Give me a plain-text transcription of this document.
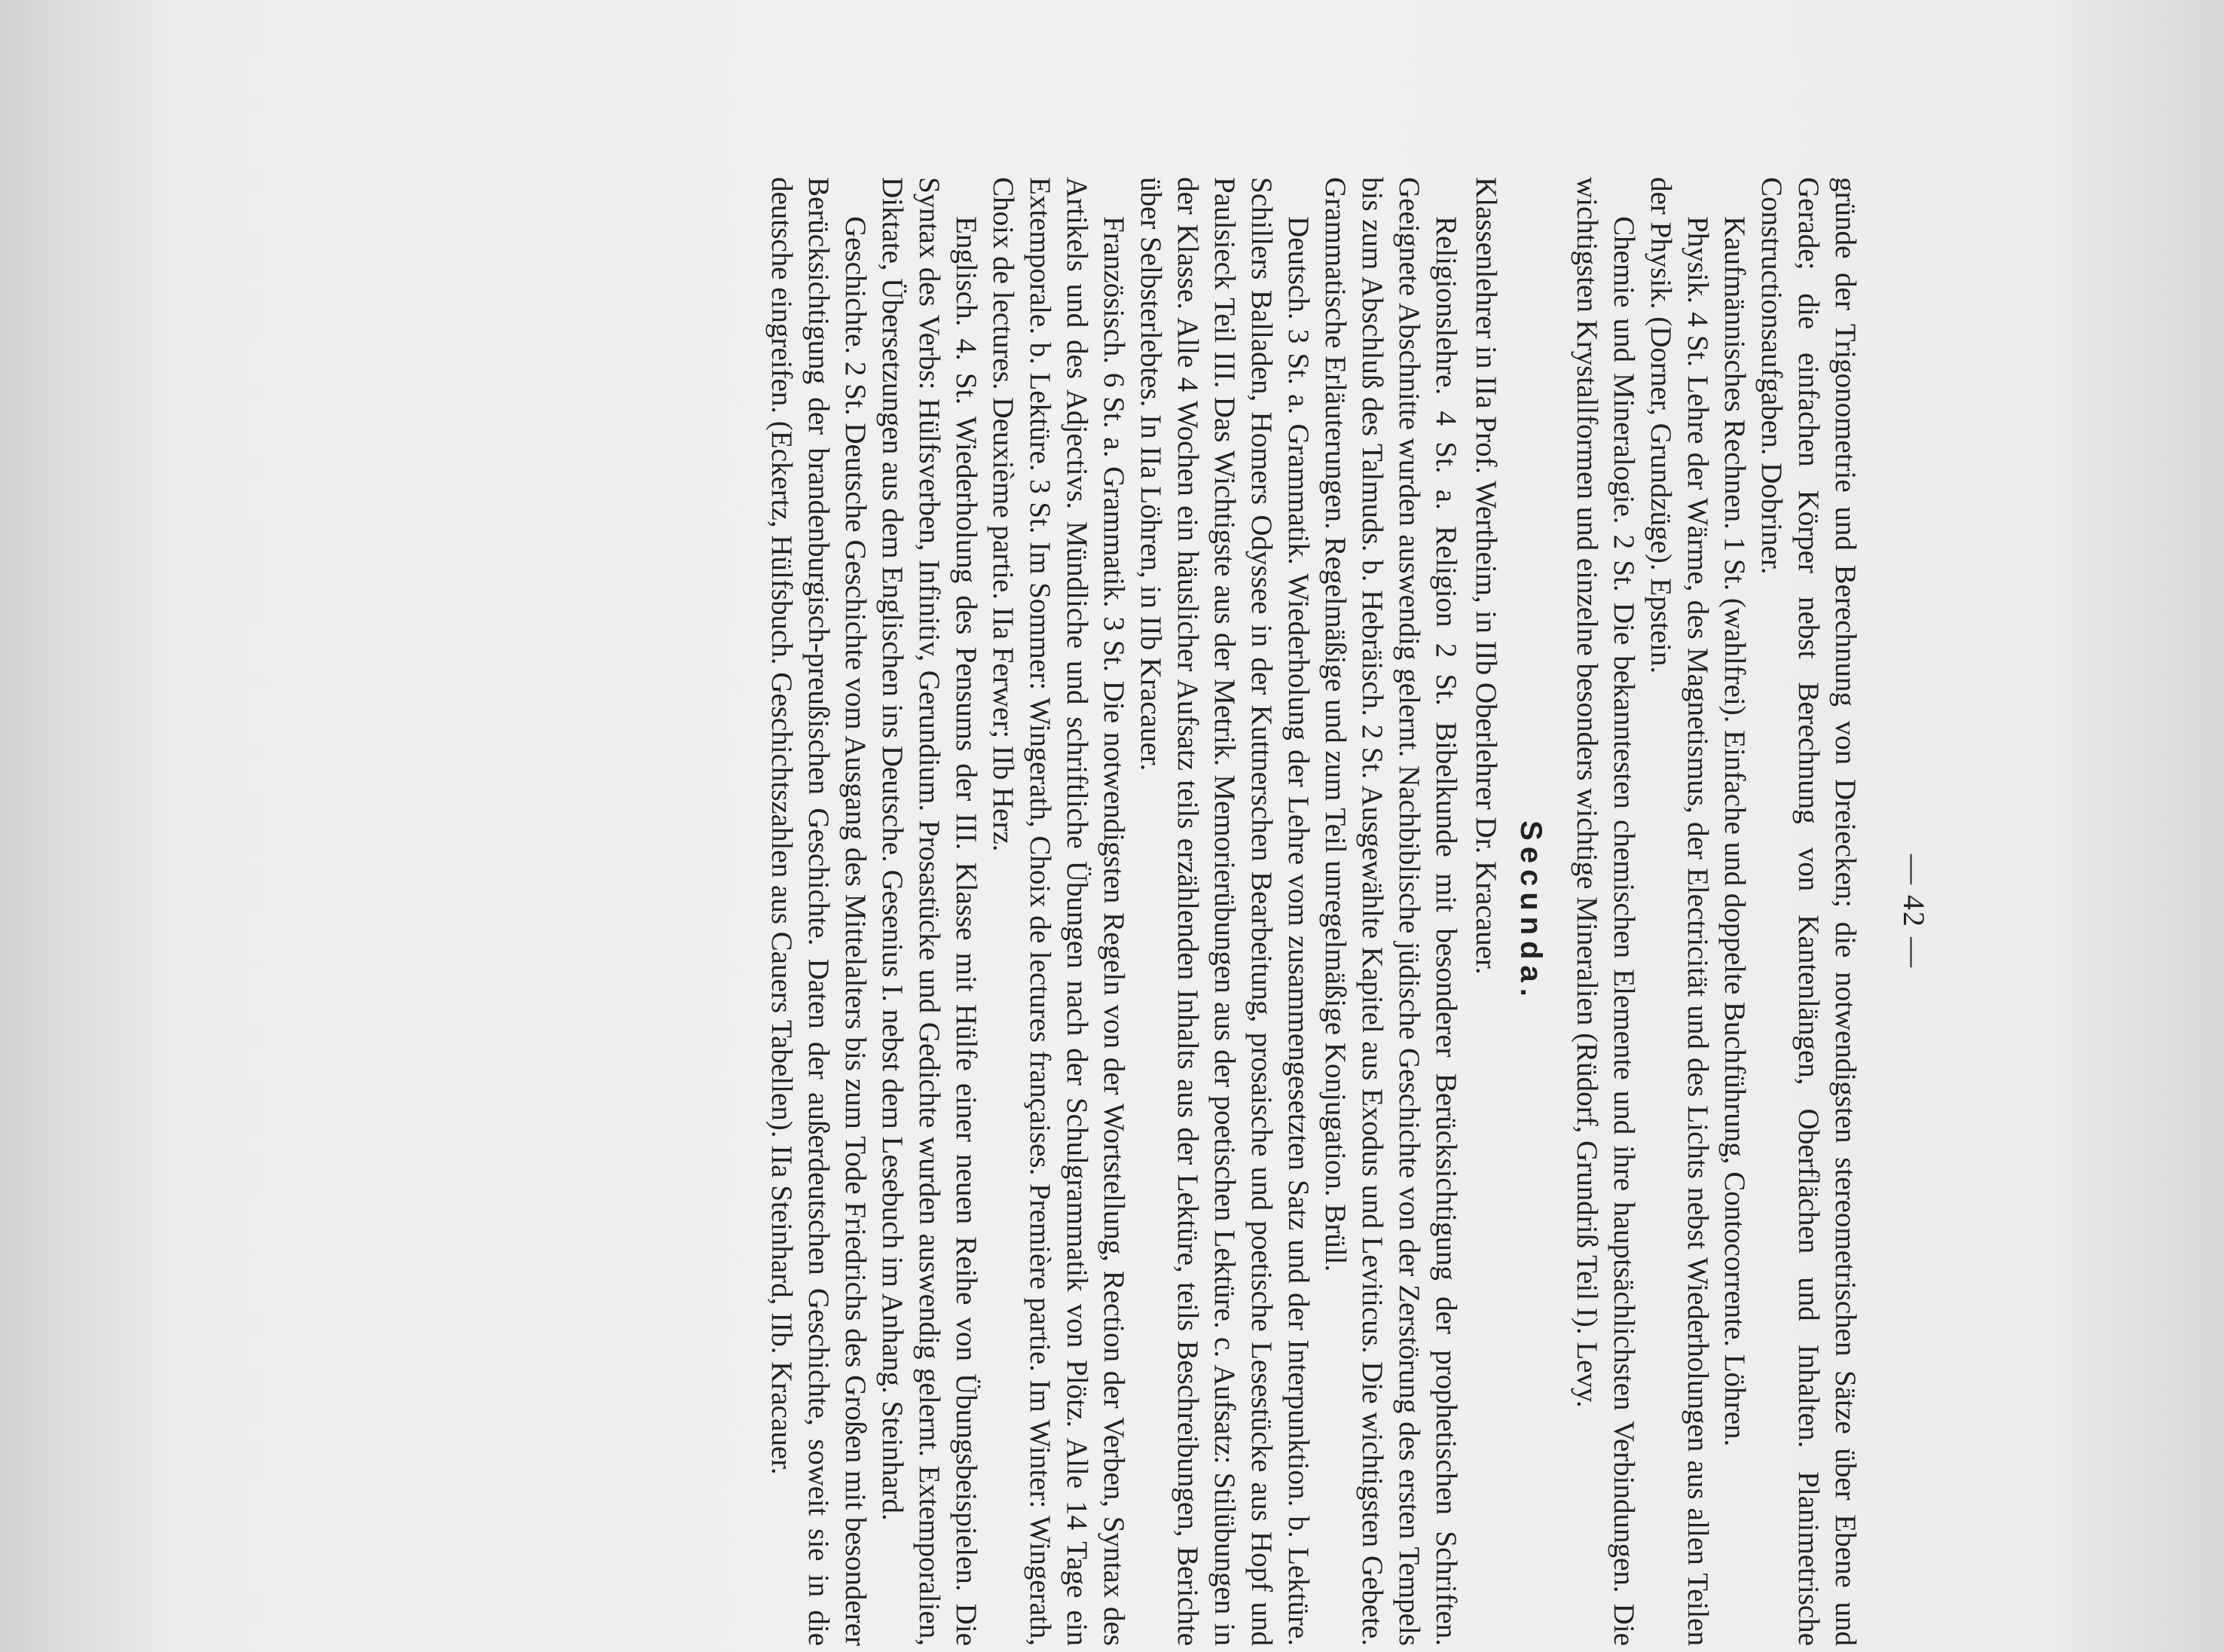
— 42 —

gründe der Trigonometrie und Berechnung von Dreiecken; die notwendigsten stereometrischen Sätze über Ebene und Gerade; die einfachen Körper nebst Berechnung von Kantenlängen, Oberflächen und Inhalten. Planimetrische Constructionsaufgaben. Dobriner.

Kaufmännisches Rechnen. 1 St. (wahlfrei). Einfache und doppelte Buchführung, Contocorrente. Löhren.

Physik. 4 St. Lehre der Wärme, des Magnetismus, der Electricität und des Lichts nebst Wiederholungen aus allen Teilen der Physik. (Dorner, Grundzüge). Epstein.

Chemie und Mineralogie. 2 St. Die bekanntesten chemischen Elemente und ihre hauptsächlichsten Verbindungen. Die wichtigsten Krystallformen und einzelne besonders wichtige Mineralien (Rüdorf, Grundriß Teil I). Levy.

Secunda.

Klassenlehrer in IIa Prof. Wertheim, in IIb Oberlehrer Dr. Kracauer.

Religionslehre. 4 St. a. Religion 2 St. Bibelkunde mit besonderer Berücksichtigung der prophetischen Schriften. Geeignete Abschnitte wurden auswendig gelernt. Nachbiblische jüdische Geschichte von der Zerstörung des ersten Tempels bis zum Abschluß des Talmuds. b. Hebräisch. 2 St. Ausgewählte Kapitel aus Exodus und Leviticus. Die wichtigsten Gebete. Grammatische Erläuterungen. Regelmäßige und zum Teil unregelmäßige Konjugation. Brüll.

Deutsch. 3 St. a. Grammatik. Wiederholung der Lehre vom zusammengesetzten Satz und der Interpunktion. b. Lektüre. Schillers Balladen, Homers Odyssee in der Kuttnerschen Bearbeitung, prosaische und poetische Lesestücke aus Hopf und Paulsieck Teil III. Das Wichtigste aus der Metrik. Memorierübungen aus der poetischen Lektüre. c. Aufsatz: Stilübungen in der Klasse. Alle 4 Wochen ein häuslicher Aufsatz teils erzählenden Inhalts aus der Lektüre, teils Beschreibungen, Berichte über Selbsterlebtes. In IIa Löhren, in IIb Kracauer.

Französisch. 6 St. a. Grammatik. 3 St. Die notwendigsten Regeln von der Wortstellung, Rection der Verben, Syntax des Artikels und des Adjectivs. Mündliche und schriftliche Übungen nach der Schulgrammatik von Plötz. Alle 14 Tage ein Extemporale. b. Lektüre. 3 St. Im Sommer: Wingerath, Choix de lectures françaises. Première partie. Im Winter: Wingerath, Choix de lectures. Deuxième partie. IIa Ferwer; IIb Herz.

Englisch. 4. St. Wiederholung des Pensums der III. Klasse mit Hülfe einer neuen Reihe von Übungsbeispielen. Die Syntax des Verbs: Hülfsverben, Infinitiv, Gerundium. Prosastücke und Gedichte wurden auswendig gelernt. Extemporalien, Diktate, Übersetzungen aus dem Englischen ins Deutsche. Gesenius I. nebst dem Lesebuch im Anhang. Steinhard.

Geschichte. 2 St. Deutsche Geschichte vom Ausgang des Mittelalters bis zum Tode Friedrichs des Großen mit besonderer Berücksichtigung der brandenburgisch-preußischen Geschichte. Daten der außerdeutschen Geschichte, soweit sie in die deutsche eingreifen. (Eckertz, Hülfsbuch. Geschichtszahlen aus Cauers Tabellen). IIa Steinhard, IIb. Kracauer.
